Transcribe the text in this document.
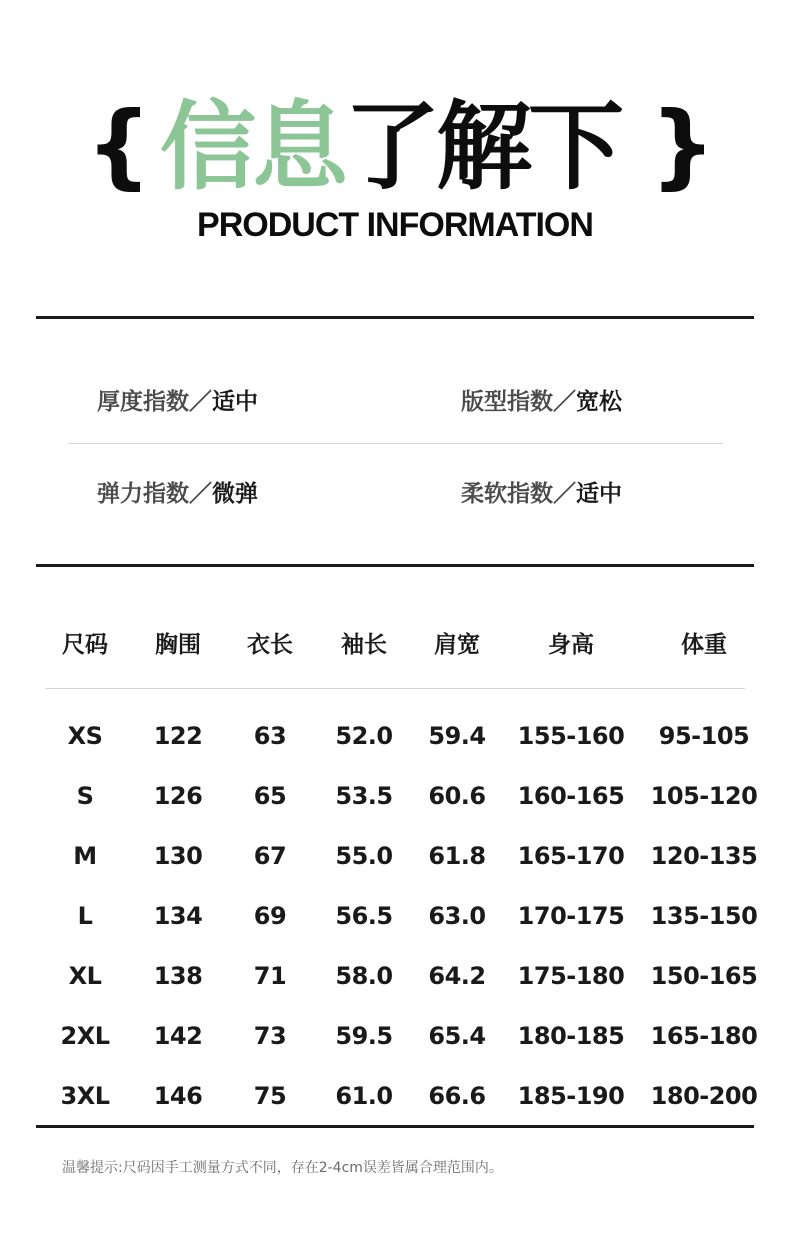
{ 信息了解下 }
PRODUCT INFORMATION
厚度指数／适中	版型指数／宽松
弹力指数／微弹	柔软指数／适中
尺码	胸围	衣长	袖长	肩宽	身高	体重
XS	122	63	52.0	59.4	155-160	95-105
S	126	65	53.5	60.6	160-165	105-120
M	130	67	55.0	61.8	165-170	120-135
L	134	69	56.5	63.0	170-175	135-150
XL	138	71	58.0	64.2	175-180	150-165
2XL	142	73	59.5	65.4	180-185	165-180
3XL	146	75	61.0	66.6	185-190	180-200
温馨提示:尺码因手工测量方式不同，存在2-4cm误差皆属合理范围内。
